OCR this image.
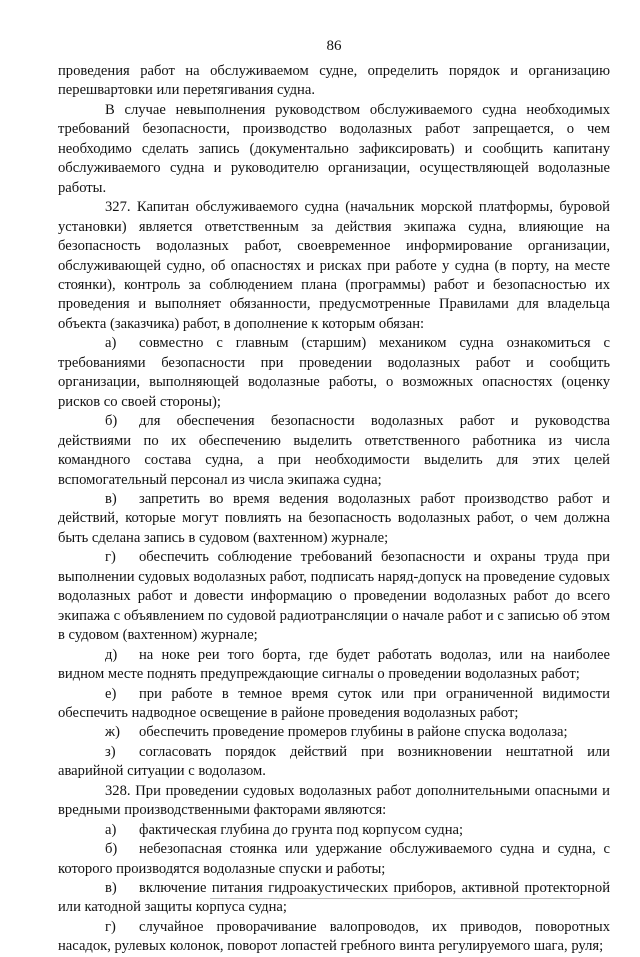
86

проведения работ на обслуживаемом судне, определить порядок и организацию перешвартовки или перетягивания судна.

В случае невыполнения руководством обслуживаемого судна необходимых требований безопасности, производство водолазных работ запрещается, о чем необходимо сделать запись (документально зафиксировать) и сообщить капитану обслуживаемого судна и руководителю организации, осуществляющей водолазные работы.

327. Капитан обслуживаемого судна (начальник морской платформы, буровой установки) является ответственным за действия экипажа судна, влияющие на безопасность водолазных работ, своевременное информирование организации, обслуживающей судно, об опасностях и рисках при работе у судна (в порту, на месте стоянки), контроль за соблюдением плана (программы) работ и безопасностью их проведения и выполняет обязанности, предусмотренные Правилами для владельца объекта (заказчика) работ, в дополнение к которым обязан:

а) совместно с главным (старшим) механиком судна ознакомиться с требованиями безопасности при проведении водолазных работ и сообщить организации, выполняющей водолазные работы, о возможных опасностях (оценку рисков со своей стороны);

б) для обеспечения безопасности водолазных работ и руководства действиями по их обеспечению выделить ответственного работника из числа командного состава судна, а при необходимости выделить для этих целей вспомогательный персонал из числа экипажа судна;

в) запретить во время ведения водолазных работ производство работ и действий, которые могут повлиять на безопасность водолазных работ, о чем должна быть сделана запись в судовом (вахтенном) журнале;

г) обеспечить соблюдение требований безопасности и охраны труда при выполнении судовых водолазных работ, подписать наряд-допуск на проведение судовых водолазных работ и довести информацию о проведении водолазных работ до всего экипажа с объявлением по судовой радиотрансляции о начале работ и с записью об этом в судовом (вахтенном) журнале;

д) на ноке реи того борта, где будет работать водолаз, или на наиболее видном месте поднять предупреждающие сигналы о проведении водолазных работ;

е) при работе в темное время суток или при ограниченной видимости обеспечить надводное освещение в районе проведения водолазных работ;

ж) обеспечить проведение промеров глубины в районе спуска водолаза;

з) согласовать порядок действий при возникновении нештатной или аварийной ситуации с водолазом.

328. При проведении судовых водолазных работ дополнительными опасными и вредными производственными факторами являются:

а) фактическая глубина до грунта под корпусом судна;

б) небезопасная стоянка или удержание обслуживаемого судна и судна, с которого производятся водолазные спуски и работы;

в) включение питания гидроакустических приборов, активной протекторной или катодной защиты корпуса судна;

г) случайное проворачивание валопроводов, их приводов, поворотных насадок, рулевых колонок, поворот лопастей гребного винта регулируемого шага, руля;
